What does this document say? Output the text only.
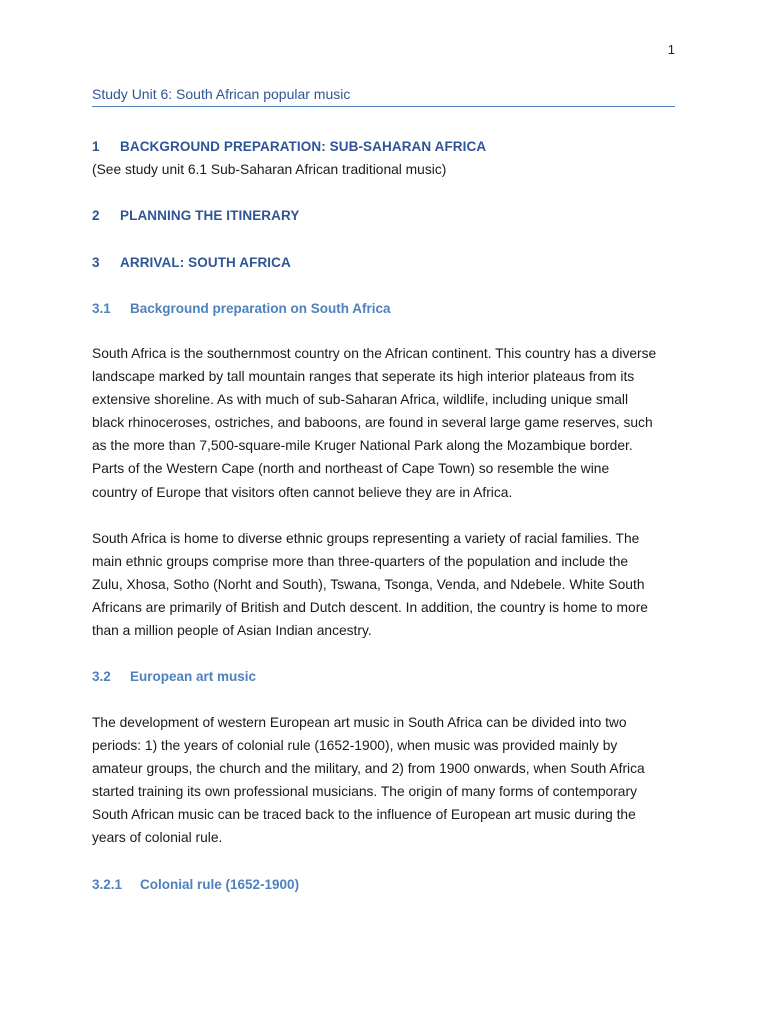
1
Study Unit 6: South African popular music
1 BACKGROUND PREPARATION: SUB-SAHARAN AFRICA
(See study unit 6.1 Sub-Saharan African traditional music)
2 PLANNING THE ITINERARY
3 ARRIVAL: SOUTH AFRICA
3.1 Background preparation on South Africa
South Africa is the southernmost country on the African continent. This country has a diverse
landscape marked by tall mountain ranges that seperate its high interior plateaus from its
extensive shoreline. As with much of sub-Saharan Africa, wildlife, including unique small
black rhinoceroses, ostriches, and baboons, are found in several large game reserves, such
as the more than 7,500-square-mile Kruger National Park along the Mozambique border.
Parts of the Western Cape (north and northeast of Cape Town) so resemble the wine
country of Europe that visitors often cannot believe they are in Africa.
South Africa is home to diverse ethnic groups representing a variety of racial families. The
main ethnic groups comprise more than three-quarters of the population and include the
Zulu, Xhosa, Sotho (Norht and South), Tswana, Tsonga, Venda, and Ndebele. White South
Africans are primarily of British and Dutch descent. In addition, the country is home to more
than a million people of Asian Indian ancestry.
3.2 European art music
The development of western European art music in South Africa can be divided into two
periods: 1) the years of colonial rule (1652-1900), when music was provided mainly by
amateur groups, the church and the military, and 2) from 1900 onwards, when South Africa
started training its own professional musicians. The origin of many forms of contemporary
South African music can be traced back to the influence of European art music during the
years of colonial rule.
3.2.1 Colonial rule (1652-1900)
